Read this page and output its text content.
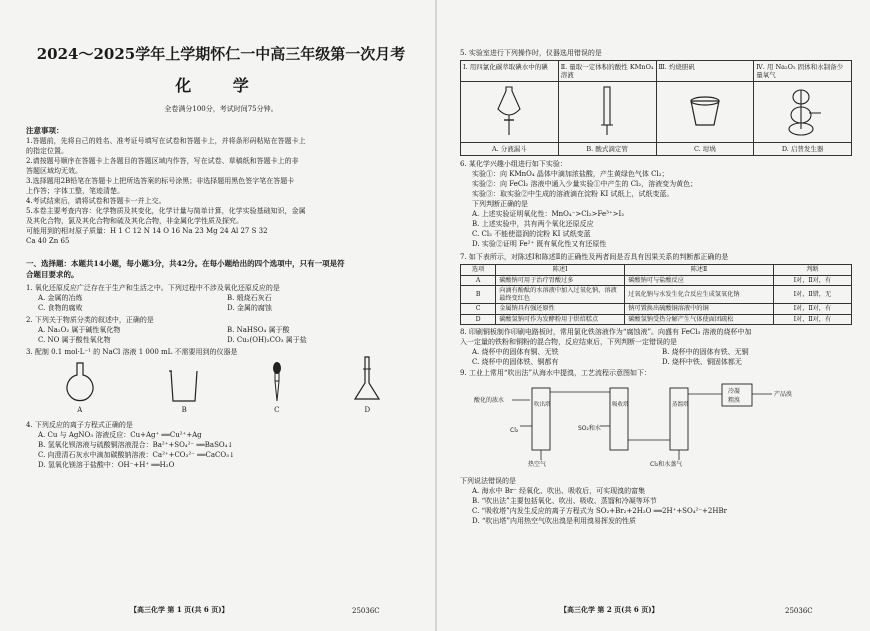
2024～2025学年上学期怀仁一中高三年级第一次月考
化 学
全卷满分100分，考试时间75分钟。
注意事项：
1.答题前，先将自己的姓名、准考证号填写在试卷和答题卡上，并将条形码粘贴在答题卡上
的指定位置。
2.请按题号顺序在答题卡上各题目的答题区域内作答，写在试卷、草稿纸和答题卡上的非
答题区域均无效。
3.选择题用2B铅笔在答题卡上把所选答案的标号涂黑；非选择题用黑色签字笔在答题卡
上作答；字体工整，笔迹清楚。
4.考试结束后，请将试卷和答题卡一并上交。
5.本卷主要考查内容：化学物质及其变化，化学计量与简单计算，化学实验基础知识，金属
及其化合物，氯及其化合物和硫及其化合物，非金属化学性质及探究。
可能用到的相对原子质量：H 1 C 12 N 14 O 16 Na 23 Mg 24 Al 27 S 32
Ca 40 Zn 65
一、选择题：本题共14小题，每小题3分，共42分。在每小题给出的四个选项中，只有一项是符
合题目要求的。
1. 氧化还原反应广泛存在于生产和生活之中。下列过程中不涉及氧化还原反应的是
A. 金属的冶炼	B. 煅烧石灰石
C. 食物的腐败	D. 金属的腐蚀
2. 下列关于物质分类的叙述中，正确的是
A. Na₂O₂ 属于碱性氧化物	B. NaHSO₄ 属于酸
C. NO 属于酸性氧化物	D. Cu₂(OH)₂CO₃ 属于盐
3. 配制 0.1 mol·L⁻¹ 的 NaCl 溶液 1 000 mL 不需要用到的仪器是
A	B	C	D
4. 下列反应的离子方程式正确的是
A. Cu 与 AgNO₃ 溶液反应：Cu+Ag⁺ ══Cu²⁺+Ag
B. 氢氧化钡溶液与硫酸铜溶液混合：Ba²⁺+SO₄²⁻ ══BaSO₄↓
C. 向澄清石灰水中滴加碳酸钠溶液：Ca²⁺+CO₃²⁻ ══CaCO₃↓
D. 氢氧化镁溶于盐酸中：OH⁻+H⁺ ══H₂O
【高三化学 第 1 页(共 6 页)】	25036C
5. 实验室进行下列操作时，仪器选用错误的是
Ⅰ. 用四氯化碳萃取碘水中的碘	Ⅱ. 量取一定体积的酸性 KMnO₄ 溶液	Ⅲ. 灼烧胆矾	Ⅳ. 用 Na₂O₂ 固体和水制备少量氧气

A. 分液漏斗	B. 酸式滴定管	C. 坩埚	D. 启普发生器
6. 某化学兴趣小组进行如下实验：
实验①：向 KMnO₄ 晶体中滴加浓盐酸，产生黄绿色气体 Cl₂；
实验②：向 FeCl₂ 溶液中通入少量实验①中产生的 Cl₂，溶液变为黄色；
实验③：取实验②中生成的溶液滴在淀粉 KI 试纸上，试纸变蓝。
下列判断正确的是
A. 上述实验证明氧化性：MnO₄⁻>Cl₂>Fe³⁺>I₂
B. 上述实验中，共有两个氧化还原反应
C. Cl₂ 不能使湿润的淀粉 KI 试纸变蓝
D. 实验②证明 Fe²⁺ 既有氧化性又有还原性
7. 如下表所示，对陈述Ⅰ和陈述Ⅱ的正确性及两者间是否具有因果关系的判断都正确的是
选项	陈述Ⅰ	陈述Ⅱ	判断
A	碳酸钠可用于治疗胃酸过多	碳酸钠可与盐酸反应	Ⅰ对，Ⅱ对，有
B	向滴有酚酞的水溶液中加入过氧化钠，溶液最终变红色	过氧化钠与水发生化合反应生成氢氧化钠	Ⅰ对，Ⅱ错，无
C	金属钠具有强还原性	钠可置换出硫酸铜溶液中的铜	Ⅰ对，Ⅱ对，有
D	碳酸氢钠可作为发酵粉用于烘焙糕点	碳酸氢钠受热分解产生气体使面团疏松	Ⅰ对，Ⅱ对，有
8. 印刷铜板制作印刷电路板时，常用氯化铁溶液作为“腐蚀液”。向盛有 FeCl₃ 溶液的烧杯中加
入一定量的铁粉和铜粉的混合物，反应结束后，下列判断一定错误的是
A. 烧杯中的固体有铜、无铁	B. 烧杯中的固体有铁、无铜
C. 烧杯中的固体铁、铜都有	D. 烧杯中铁、铜固体都无
9. 工业上常用“吹出法”从海水中提溴，工艺流程示意图如下：
酸化的浓水
吹出塔
Cl₂
热空气
吸收塔
SO₂和水
蒸馏塔
Cl₂和水蒸气
冷凝
粗溴
产品溴
下列说法错误的是
A. 海水中 Br⁻ 经氧化、吹出、吸收后，可实现溴的富集
B. “吹出法”主要包括氧化、吹出、吸收、蒸馏和冷凝等环节
C. “吸收塔”内发生反应的离子方程式为 SO₂+Br₂+2H₂O ══2H⁺+SO₄²⁻+2HBr
D. “吹出塔”内用热空气吹出溴是利用溴易挥发的性质
【高三化学 第 2 页(共 6 页)】	25036C
